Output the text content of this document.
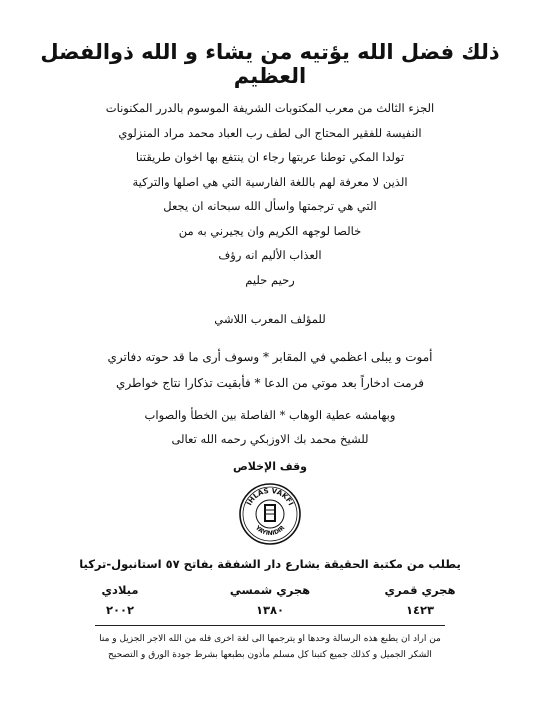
ذلك فضل الله يؤتيه من يشاء و الله ذوالفضل العظيم
الجزء الثالث من معرب المكتوبات الشريفة الموسوم بالدرر المكنونات
النفيسة للفقير المحتاج الى لطف رب العباد محمد مراد المنزلوي
تولدا المكي توطنا عربتها رجاء ان ينتفع بها اخوان طريقتنا
الذين لا معرفة لهم باللغة الفارسية التي هي اصلها والتركية
التي هي ترجمتها واسأل الله سبحانه ان يجعل
خالصا لوجهه الكريم وان يجيرني به من
العذاب الأليم انه رؤف
رحيم حليم
للمؤلف المعرب اللاشي
أموت و يبلى اعظمي في المقابر * وسوف أرى ما قد حوته دفاتري
فرمت ادخاراً بعد موتي من الدعا * فأبقيت تذكارا نتاج خواطري
وبهامشه عطية الوهاب * الفاصلة بين الخطأ والصواب
للشيخ محمد بك الاوزبكي رحمه الله تعالى
وقف الإخلاص
İHLAS VAKFI
YAYINIDIR
يطلب من مكتبة الحقيقة بشارع دار الشفقة بفاتح ٥٧ استانبول-تركيا
هجري قمري
١٤٢٣
هجري شمسي
١٣٨٠
ميلادي
٢٠٠٢
من اراد ان يطبع هذه الرسالة وحدها او يترجمها الى لغة اخرى فله من الله الاجر الجزيل و منا
الشكر الجميل و كذلك جميع كتبنا كل مسلم مأذون بطبعها بشرط جودة الورق و التصحيح
